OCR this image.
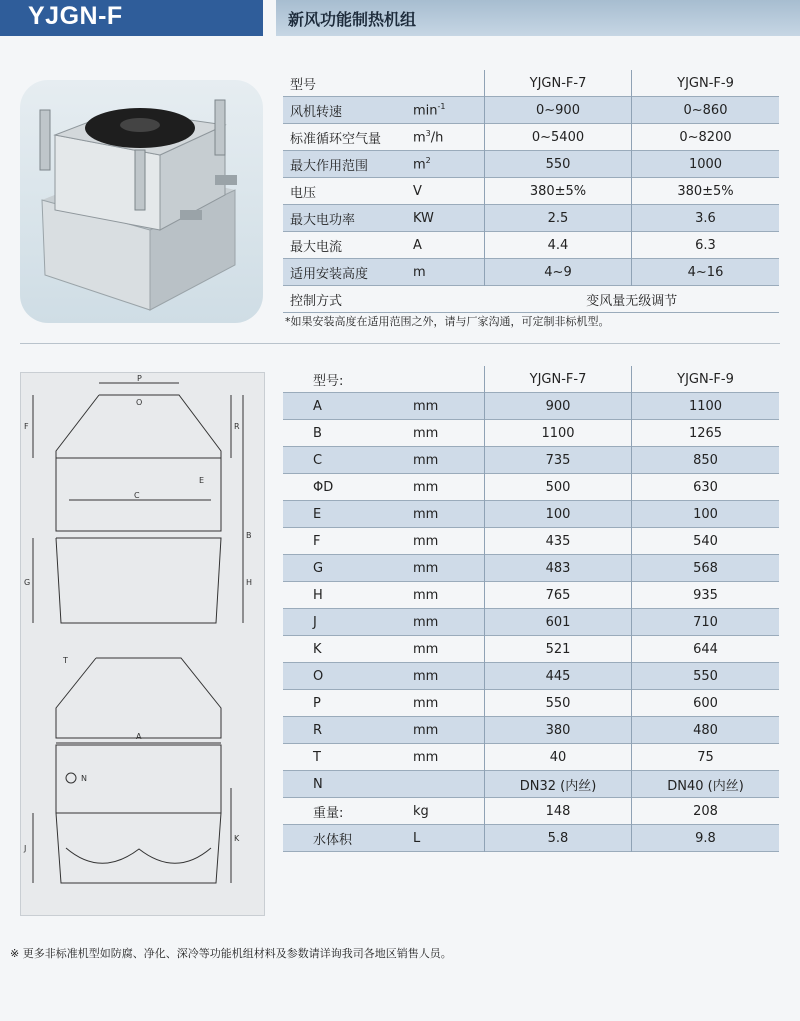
YJGN-F	新风功能制热机组
型号		YJGN-F-7	YJGN-F-9
风机转速	$\min^{-1}$	0~900	0~860
标准循环空气量	$m^3/h$	0~5400	0~8200
最大作用范围	$m^2$	550	1000
电压	V	380±5%	380±5%
最大电功率	KW	2.5	3.6
最大电流	A	4.4	6.3
适用安装高度	m	4~9	4~16
控制方式		变风量无级调节	
*如果安装高度在适用范围之外，请与厂家沟通，可定制非标机型。
P
O
F	R
C
E
B
G	H
T
A
N
J
K
型号:		YJGN-F-7	YJGN-F-9
A	mm	900	1100
B	mm	1100	1265
C	mm	735	850
ΦD	mm	500	630
E	mm	100	100
F	mm	435	540
G	mm	483	568
H	mm	765	935
J	mm	601	710
K	mm	521	644
O	mm	445	550
P	mm	550	600
R	mm	380	480
T	mm	40	75
N		DN32 (内丝)	DN40 (内丝)
重量:	kg	148	208
水体积	L	5.8	9.8
※ 更多非标准机型如防腐、净化、深冷等功能机组材料及参数请详询我司各地区销售人员。
